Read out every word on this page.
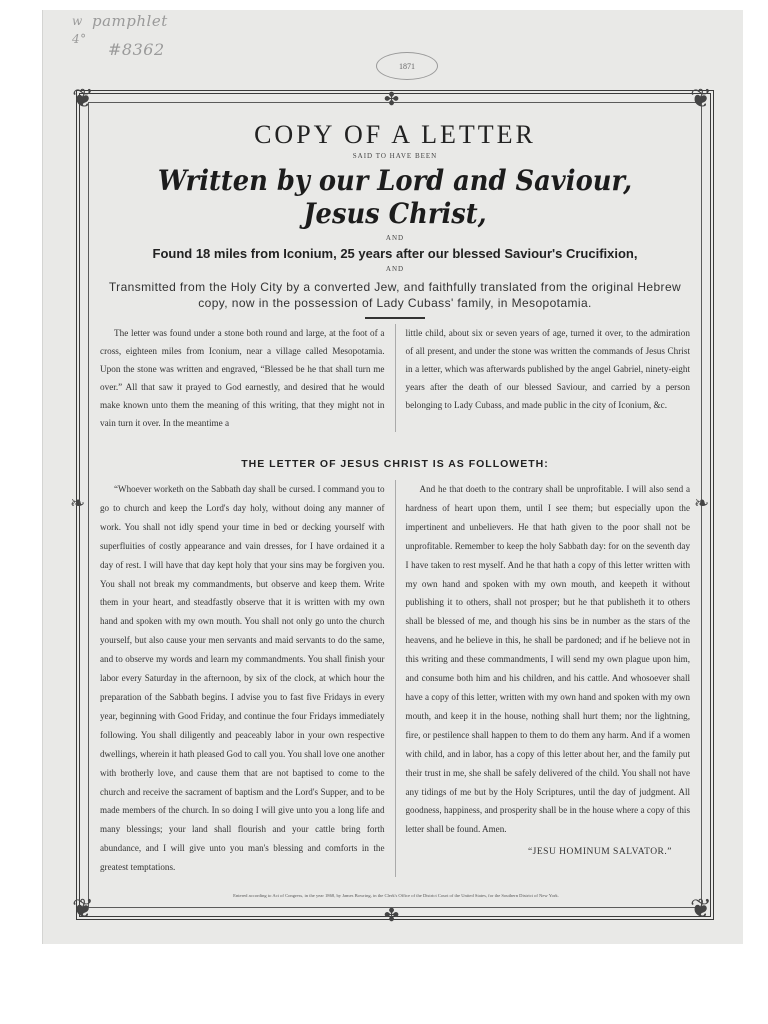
w pamphlet
4°
#8362
1871
❦	❦
❦	❦
✤
✤
❧	❧
COPY OF A LETTER
SAID TO HAVE BEEN
Written by our Lord and Saviour, Jesus Christ,
AND
Found 18 miles from Iconium, 25 years after our blessed Saviour's Crucifixion,
AND
Transmitted from the Holy City by a converted Jew, and faithfully translated from the original Hebrew copy, now in the possession of Lady Cubass' family, in Mesopotamia.
The letter was found under a stone both round and large, at the foot of a cross, eighteen miles from Iconium, near a village called Mesopotamia. Upon the stone was written and engraved, “Blessed be he that shall turn me over.” All that saw it prayed to God earnestly, and desired that he would make known unto them the meaning of this writing, that they might not in vain turn it over. In the meantime a
little child, about six or seven years of age, turned it over, to the admiration of all present, and under the stone was written the commands of Jesus Christ in a letter, which was afterwards published by the angel Gabriel, ninety-eight years after the death of our blessed Saviour, and carried by a person belonging to Lady Cubass, and made public in the city of Iconium, &c.
THE LETTER OF JESUS CHRIST IS AS FOLLOWETH:
“Whoever worketh on the Sabbath day shall be cursed. I command you to go to church and keep the Lord's day holy, without doing any manner of work. You shall not idly spend your time in bed or decking yourself with superfluities of costly appearance and vain dresses, for I have ordained it a day of rest. I will have that day kept holy that your sins may be forgiven you. You shall not break my commandments, but observe and keep them. Write them in your heart, and steadfastly observe that it is written with my own hand and spoken with my own mouth. You shall not only go unto the church yourself, but also cause your men servants and maid servants to do the same, and to observe my words and learn my commandments. You shall finish your labor every Saturday in the afternoon, by six of the clock, at which hour the preparation of the Sabbath begins. I advise you to fast five Fridays in every year, beginning with Good Friday, and continue the four Fridays immediately following. You shall diligently and peaceably labor in your own respective dwellings, wherein it hath pleased God to call you. You shall love one another with brotherly love, and cause them that are not baptised to come to the church and receive the sacrament of baptism and the Lord's Supper, and to be made members of the church. In so doing I will give unto you a long life and many blessings; your land shall flourish and your cattle bring forth abundance, and I will give unto you man's blessing and comforts in the greatest temptations.
And he that doeth to the contrary shall be unprofitable. I will also send a hardness of heart upon them, until I see them; but especially upon the impertinent and unbelievers. He that hath given to the poor shall not be unprofitable. Remember to keep the holy Sabbath day: for on the seventh day I have taken to rest myself. And he that hath a copy of this letter written with my own hand and spoken with my own mouth, and keepeth it without publishing it to others, shall not prosper; but he that publisheth it to others shall be blessed of me, and though his sins be in number as the stars of the heavens, and he believe in this, he shall be pardoned; and if he believe not in this writing and these commandments, I will send my own plague upon him, and consume both him and his children, and his cattle. And whosoever shall have a copy of this letter, written with my own hand and spoken with my own mouth, and keep it in the house, nothing shall hurt them; nor the lightning, fire, or pestilence shall happen to them to do them any harm. And if a women with child, and in labor, has a copy of this letter about her, and the family put their trust in me, she shall be safely delivered of the child. You shall not have any tidings of me but by the Holy Scriptures, until the day of judgment. All goodness, happiness, and prosperity shall be in the house where a copy of this letter shall be found. Amen.
“JESU HOMINUM SALVATOR.”
Entered according to Act of Congress, in the year 1868, by James Bowring, in the Clerk's Office of the District Court of the United States, for the Southern District of New York.
